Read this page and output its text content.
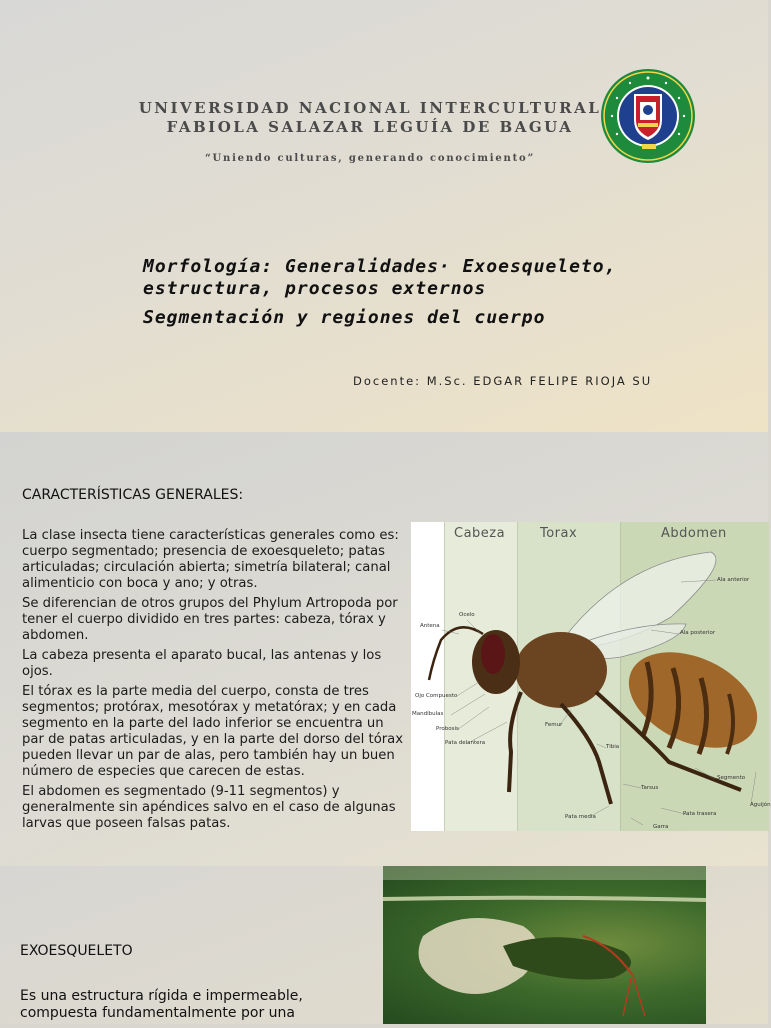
UNIVERSIDAD NACIONAL INTERCULTURAL
FABIOLA SALAZAR LEGUÍA DE BAGUA
“Uniendo culturas, generando conocimiento”
Morfología: Generalidades· Exoesqueleto,
estructura, procesos externos
Segmentación y regiones del cuerpo
Docente: M.Sc. EDGAR FELIPE RIOJA SU
CARACTERÍSTICAS GENERALES:

La clase insecta tiene características generales como es: cuerpo segmentado; presencia de exoesqueleto; patas articuladas; circulación abierta; simetría bilateral; canal alimenticio con boca y ano; y otras.

Se diferencian de otros grupos del Phylum Artropoda por tener el cuerpo dividido en tres partes: cabeza, tórax y abdomen.

La cabeza presenta el aparato bucal, las antenas y los ojos.

El tórax es la parte media del cuerpo, consta de tres segmentos; protórax, mesotórax y metatórax; y en cada segmento en la parte del lado inferior se encuentra un par de patas articuladas, y en la parte del dorso del tórax pueden llevar un par de alas, pero también hay un buen número de especies que carecen de estas.

El abdomen es segmentado (9-11 segmentos) y generalmente sin apéndices salvo en el caso de algunas larvas que poseen falsas patas.

Cabeza	Torax	Abdomen
Ala anterior
Ocelo
Antena
Ala posterior
Ojo Compuesto
Mandíbulas
Probosis
Pata delantera
Femur
Tibia
Segmento
Tarsus
Aguijón
Pata media	Pata trasera
Garra
EXOESQUELETO
Es una estructura rígida e impermeable,
compuesta fundamentalmente por una
